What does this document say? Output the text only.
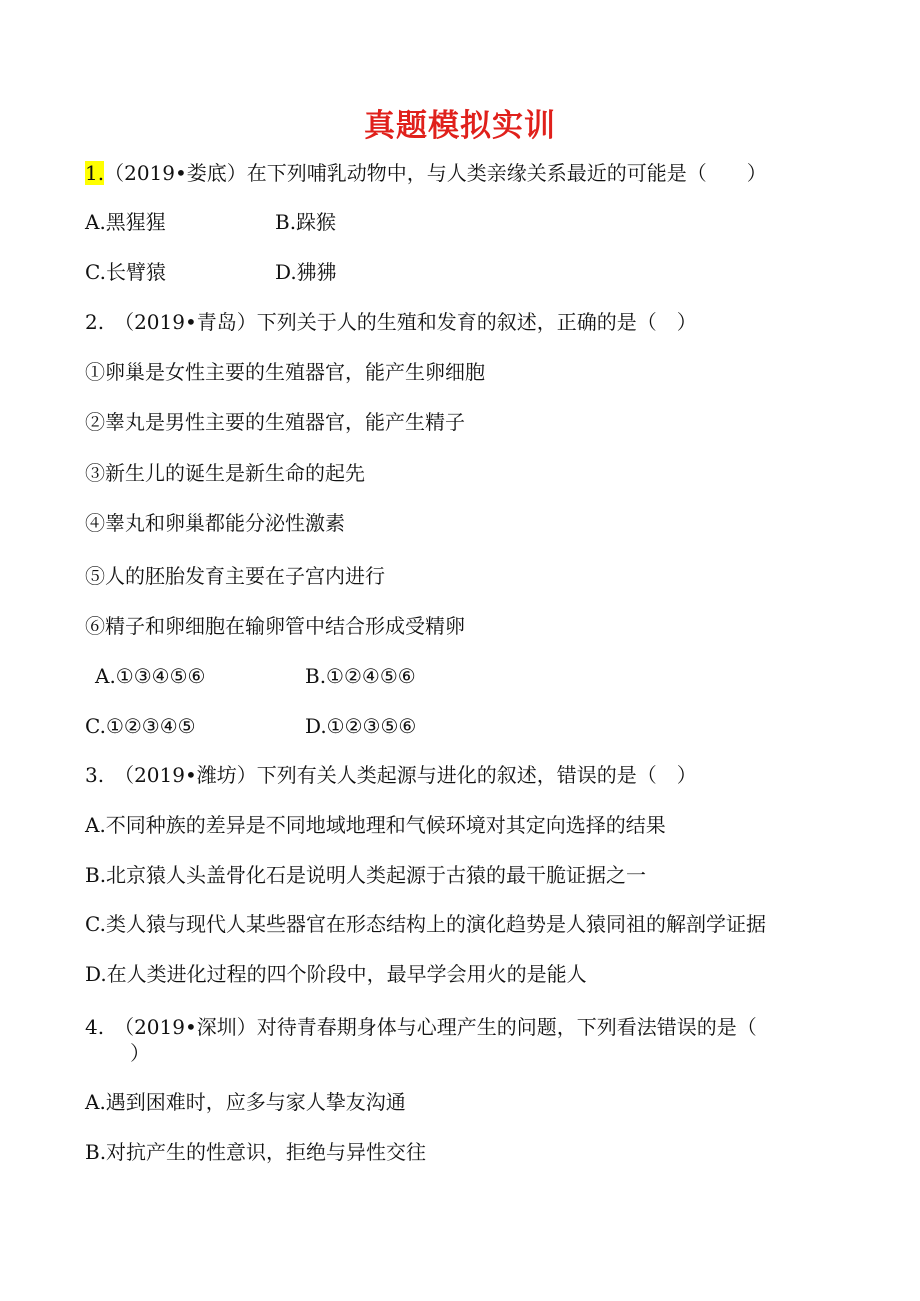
真题模拟实训
1.（2019•娄底）在下列哺乳动物中，与人类亲缘关系最近的可能是（　　）
A.黑猩猩	B.跺猴
C.长臂猿	D.狒狒
2.　（2019•青岛）下列关于人的生殖和发育的叙述，正确的是（　）
①卵巢是女性主要的生殖器官，能产生卵细胞
②睾丸是男性主要的生殖器官，能产生精子
③新生儿的诞生是新生命的起先
④睾丸和卵巢都能分泌性激素
⑤人的胚胎发育主要在子宫内进行
⑥精子和卵细胞在输卵管中结合形成受精卵
A.①③④⑤⑥	B.①②④⑤⑥
C.①②③④⑤	D.①②③⑤⑥
3.　（2019•潍坊）下列有关人类起源与进化的叙述，错误的是（　）
A.不同种族的差异是不同地域地理和气候环境对其定向选择的结果
B.北京猿人头盖骨化石是说明人类起源于古猿的最干脆证据之一
C.类人猿与现代人某些器官在形态结构上的演化趋势是人猿同祖的解剖学证据
D.在人类进化过程的四个阶段中，最早学会用火的是能人
4.　（2019•深圳）对待青春期身体与心理产生的问题，下列看法错误的是（
　）
A.遇到困难时，应多与家人挚友沟通
B.对抗产生的性意识，拒绝与异性交往
